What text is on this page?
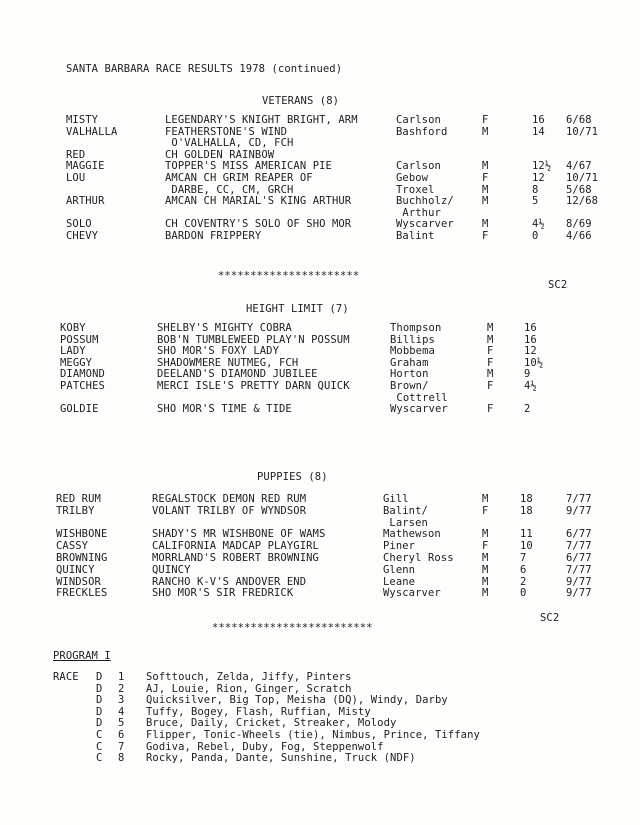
SANTA BARBARA RACE RESULTS 1978 (continued)
VETERANS (8)
MISTY	LEGENDARY'S KNIGHT BRIGHT, ARM	Carlson	F	16 6/68
VALHALLA	FEATHERSTONE'S WIND	Bashford	M	14 10/71
O'VALHALLA, CD, FCH
RED	CH GOLDEN RAINBOW
MAGGIE	TOPPER'S MISS AMERICAN PIE	Carlson	M	12½ 4/67
LOU	AMCAN CH GRIM REAPER OF	Gebow	F	12 10/71
DARBE, CC, CM, GRCH	Troxel	M	8	5/68
ARTHUR	AMCAN CH MARIAL'S KING ARTHUR	Buchholz/	M	5	12/68
Arthur
SOLO	CH COVENTRY'S SOLO OF SHO MOR	Wyscarver	M	4½ 8/69
CHEVY	BARDON FRIPPERY	Balint	F	0	4/66
**********************
SC2
HEIGHT LIMIT (7)
KOBY	SHELBY'S MIGHTY COBRA	Thompson	M	16
POSSUM	BOB'N TUMBLEWEED PLAY'N POSSUM	Billips	M	16
LADY	SHO MOR'S FOXY LADY	Mobbema	F	12
MEGGY	SHADOWMERE NUTMEG, FCH	Graham	F	10½
DIAMOND	DEELAND'S DIAMOND JUBILEE	Horton	M	9
PATCHES	MERCI ISLE'S PRETTY DARN QUICK	Brown/	F	4½
Cottrell
GOLDIE	SHO MOR'S TIME & TIDE	Wyscarver	F	2
PUPPIES (8)
RED RUM	REGALSTOCK DEMON RED RUM	Gill	M	18	7/77
TRILBY	VOLANT TRILBY OF WYNDSOR	Balint/	F	18	9/77
Larsen
WISHBONE	SHADY'S MR WISHBONE OF WAMS	Mathewson	M	11	6/77
CASSY	CALIFORNIA MADCAP PLAYGIRL	Piner	F	10	7/77
BROWNING	MORRLAND'S ROBERT BROWNING	Cheryl Ross	M	7	6/77
QUINCY	QUINCY	Glenn	M	6	7/77
WINDSOR	RANCHO K-V'S ANDOVER END	Leane	M	2	9/77
FRECKLES	SHO MOR'S SIR FREDRICK	Wyscarver	M	0	9/77
*************************
SC2
PROGRAM I
RACE D 1 Softtouch, Zelda, Jiffy, Pinters
D 2 AJ, Louie, Rion, Ginger, Scratch
D 3 Quicksilver, Big Top, Meisha (DQ), Windy, Darby
D 4 Tuffy, Bogey, Flash, Ruffian, Misty
D 5 Bruce, Daily, Cricket, Streaker, Molody
C 6 Flipper, Tonic-Wheels (tie), Nimbus, Prince, Tiffany
C 7 Godiva, Rebel, Duby, Fog, Steppenwolf
C 8 Rocky, Panda, Dante, Sunshine, Truck (NDF)
